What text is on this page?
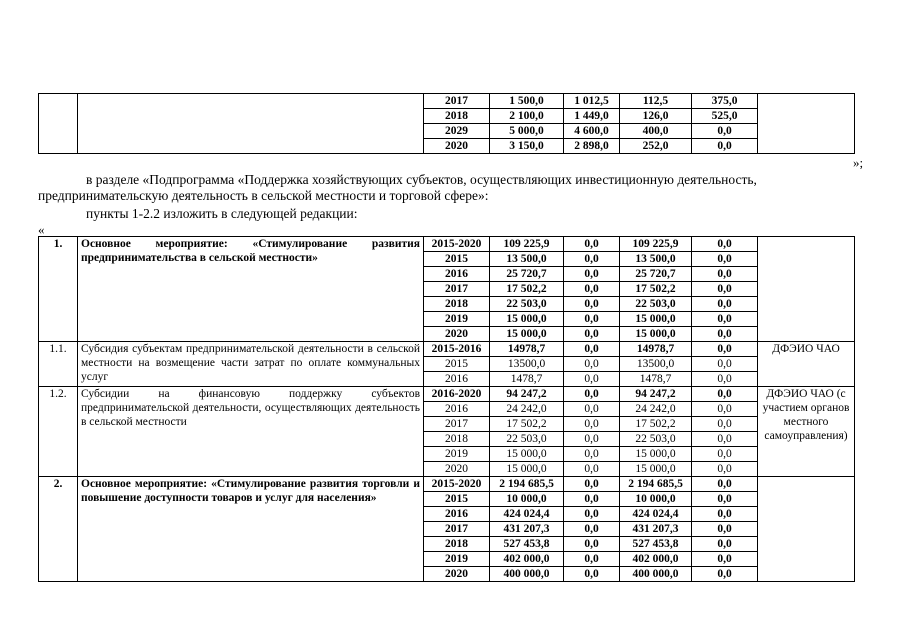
		2017	1 500,0	1 012,5	112,5	375,0	
		2018	2 100,0	1 449,0	126,0	525,0	
		2029	5 000,0	4 600,0	400,0	0,0	
		2020	3 150,0	2 898,0	252,0	0,0	
»;
в разделе «Подпрограмма «Поддержка хозяйствующих субъектов, осуществляющих инвестиционную деятельность,
предпринимательскую деятельность в сельской местности и торговой сфере»:
пункты 1-2.2 изложить в следующей редакции:
«
1.	Основное мероприятие: «Стимулирование развития предпринимательства в сельской местности»	2015-2020	109 225,9	0,0	109 225,9	0,0	
		2015	13 500,0	0,0	13 500,0	0,0	
		2016	25 720,7	0,0	25 720,7	0,0	
		2017	17 502,2	0,0	17 502,2	0,0	
		2018	22 503,0	0,0	22 503,0	0,0	
		2019	15 000,0	0,0	15 000,0	0,0	
		2020	15 000,0	0,0	15 000,0	0,0	
1.1.	Субсидия субъектам предпринимательской деятельности в сельской местности на возмещение части затрат по оплате коммунальных услуг	2015-2016	14978,7	0,0	14978,7	0,0	ДФЭИО ЧАО
		2015	13500,0	0,0	13500,0	0,0	
		2016	1478,7	0,0	1478,7	0,0	
1.2.	Субсидии на финансовую поддержку субъектов предпринимательской деятельности, осуществляющих деятельность в сельской местности	2016-2020	94 247,2	0,0	94 247,2	0,0	ДФЭИО ЧАО (с участием органов местного самоуправления)
		2016	24 242,0	0,0	24 242,0	0,0	
		2017	17 502,2	0,0	17 502,2	0,0	
		2018	22 503,0	0,0	22 503,0	0,0	
		2019	15 000,0	0,0	15 000,0	0,0	
		2020	15 000,0	0,0	15 000,0	0,0	
2.	Основное мероприятие: «Стимулирование развития торговли и повышение доступности товаров и услуг для населения»	2015-2020	2 194 685,5	0,0	2 194 685,5	0,0	
		2015	10 000,0	0,0	10 000,0	0,0	
		2016	424 024,4	0,0	424 024,4	0,0	
		2017	431 207,3	0,0	431 207,3	0,0	
		2018	527 453,8	0,0	527 453,8	0,0	
		2019	402 000,0	0,0	402 000,0	0,0	
		2020	400 000,0	0,0	400 000,0	0,0	
